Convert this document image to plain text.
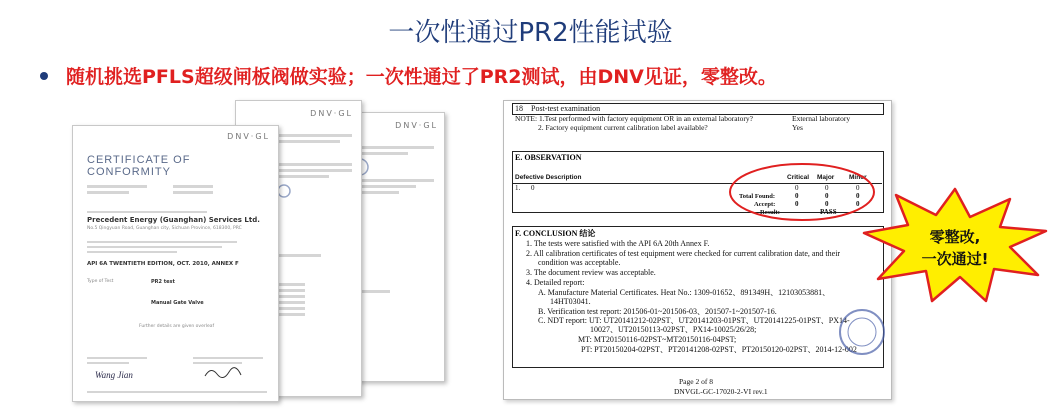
一次性通过PR2性能试验
随机挑选PFLS超级闸板阀做实验；一次性通过了PR2测试，由DNV见证，零整改。
DNV·GL
DNV·GL
DNV·GL
CERTIFICATE OF
CONFORMITY
Precedent Energy (Guanghan) Services Ltd.
No.5 Qingyuan Road, Guanghan city, Sichuan Province, 618300, PRC
API 6A TWENTIETH EDITION, OCT. 2010, ANNEX F
Type of Test	PR2 test
Manual Gate Valve
Further details are given overleaf
Wang Jian
18 Post-test examination
NOTE: 1.Test performed with factory equipment OR in an external laboratory?	External laboratory
2. Factory equipment current calibration label available?	Yes
E. OBSERVATION
Defective Description	Critical Major Minor
1. 0	0	0	0
Total Found:	0	0	0
Accept:	0	0	0
Result:	PASS
F. CONCLUSION 结论
1. The tests were satisfied with the API 6A 20th Annex F.
2. All calibration certificates of test equipment were checked for current calibration date, and their
condition was acceptable.
3. The document review was acceptable.
4. Detailed report:
A. Manufacture Material Certificates. Heat No.: 1309-01652、891349H、12103053881、
14HT03041.
B. Verification test report: 201506-01~201506-03、201507-1~201507-16.
C. NDT report: UT: UT20141212-02PST、UT20141203-01PST、UT20141225-01PST、PX14-
10027、UT20150113-02PST、PX14-10025/26/28;
MT: MT20150116-02PST~MT20150116-04PST;
PT: PT20150204-02PST、PT20141208-02PST、PT20150120-02PST、2014-12-002
Page 2 of 8
DNVGL-GC-17020-2-VI rev.1
零整改,
一次通过!
